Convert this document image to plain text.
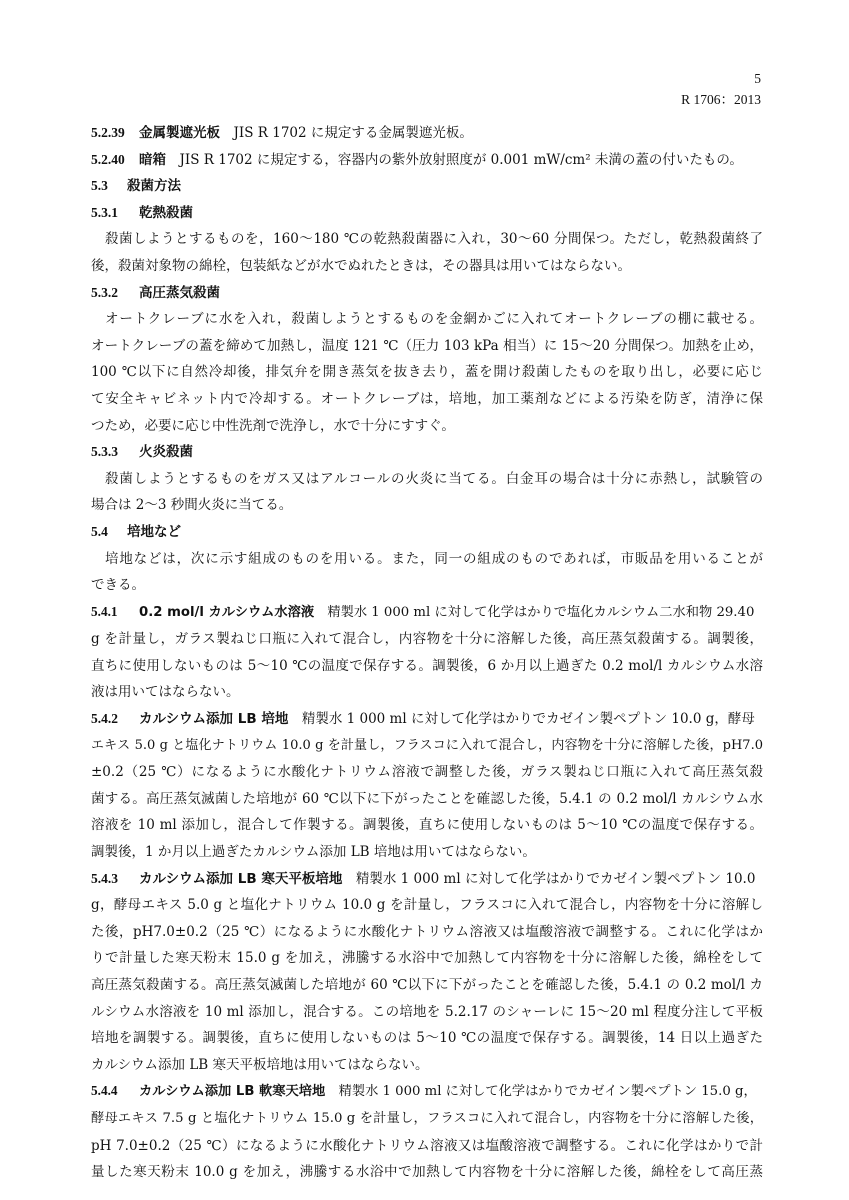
5
R 1706：2013
5.2.39 金属製遮光板　JIS R 1702 に規定する金属製遮光板。
5.2.40 暗箱　JIS R 1702 に規定する，容器内の紫外放射照度が 0.001 mW/cm² 未満の蓋の付いたもの。
5.3 殺菌方法
5.3.1 乾熱殺菌
殺菌しようとするものを，160～180 ℃の乾熱殺菌器に入れ，30～60 分間保つ。ただし，乾熱殺菌終了
後，殺菌対象物の綿栓，包装紙などが水でぬれたときは，その器具は用いてはならない。
5.3.2 高圧蒸気殺菌
オートクレーブに水を入れ，殺菌しようとするものを金網かごに入れてオートクレーブの棚に載せる。
オートクレーブの蓋を締めて加熱し，温度 121 ℃（圧力 103 kPa 相当）に 15～20 分間保つ。加熱を止め，
100 ℃以下に自然冷却後，排気弁を開き蒸気を抜き去り，蓋を開け殺菌したものを取り出し，必要に応じ
て安全キャビネット内で冷却する。オートクレーブは，培地，加工薬剤などによる汚染を防ぎ，清浄に保
つため，必要に応じ中性洗剤で洗浄し，水で十分にすすぐ。
5.3.3 火炎殺菌
殺菌しようとするものをガス又はアルコールの火炎に当てる。白金耳の場合は十分に赤熱し，試験管の
場合は 2～3 秒間火炎に当てる。
5.4 培地など
培地などは，次に示す組成のものを用いる。また，同一の組成のものであれば，市販品を用いることが
できる。
5.4.1 0.2 mol/l カルシウム水溶液　精製水 1 000 ml に対して化学はかりで塩化カルシウム二水和物 29.40
g を計量し，ガラス製ねじ口瓶に入れて混合し，内容物を十分に溶解した後，高圧蒸気殺菌する。調製後，
直ちに使用しないものは 5～10 ℃の温度で保存する。調製後，6 か月以上過ぎた 0.2 mol/l カルシウム水溶
液は用いてはならない。
5.4.2 カルシウム添加 LB 培地　精製水 1 000 ml に対して化学はかりでカゼイン製ペプトン 10.0 g，酵母
エキス 5.0 g と塩化ナトリウム 10.0 g を計量し，フラスコに入れて混合し，内容物を十分に溶解した後，pH7.0
±0.2（25 ℃）になるように水酸化ナトリウム溶液で調整した後，ガラス製ねじ口瓶に入れて高圧蒸気殺
菌する。高圧蒸気滅菌した培地が 60 ℃以下に下がったことを確認した後，5.4.1 の 0.2 mol/l カルシウム水
溶液を 10 ml 添加し，混合して作製する。調製後，直ちに使用しないものは 5～10 ℃の温度で保存する。
調製後，1 か月以上過ぎたカルシウム添加 LB 培地は用いてはならない。
5.4.3 カルシウム添加 LB 寒天平板培地　精製水 1 000 ml に対して化学はかりでカゼイン製ペプトン 10.0
g，酵母エキス 5.0 g と塩化ナトリウム 10.0 g を計量し，フラスコに入れて混合し，内容物を十分に溶解し
た後，pH7.0±0.2（25 ℃）になるように水酸化ナトリウム溶液又は塩酸溶液で調整する。これに化学はか
りで計量した寒天粉末 15.0 g を加え，沸騰する水浴中で加熱して内容物を十分に溶解した後，綿栓をして
高圧蒸気殺菌する。高圧蒸気滅菌した培地が 60 ℃以下に下がったことを確認した後，5.4.1 の 0.2 mol/l カ
ルシウム水溶液を 10 ml 添加し，混合する。この培地を 5.2.17 のシャーレに 15～20 ml 程度分注して平板
培地を調製する。調製後，直ちに使用しないものは 5～10 ℃の温度で保存する。調製後，14 日以上過ぎた
カルシウム添加 LB 寒天平板培地は用いてはならない。
5.4.4 カルシウム添加 LB 軟寒天培地　精製水 1 000 ml に対して化学はかりでカゼイン製ペプトン 15.0 g，
酵母エキス 7.5 g と塩化ナトリウム 15.0 g を計量し，フラスコに入れて混合し，内容物を十分に溶解した後，
pH 7.0±0.2（25 ℃）になるように水酸化ナトリウム溶液又は塩酸溶液で調整する。これに化学はかりで計
量した寒天粉末 10.0 g を加え，沸騰する水浴中で加熱して内容物を十分に溶解した後，綿栓をして高圧蒸
